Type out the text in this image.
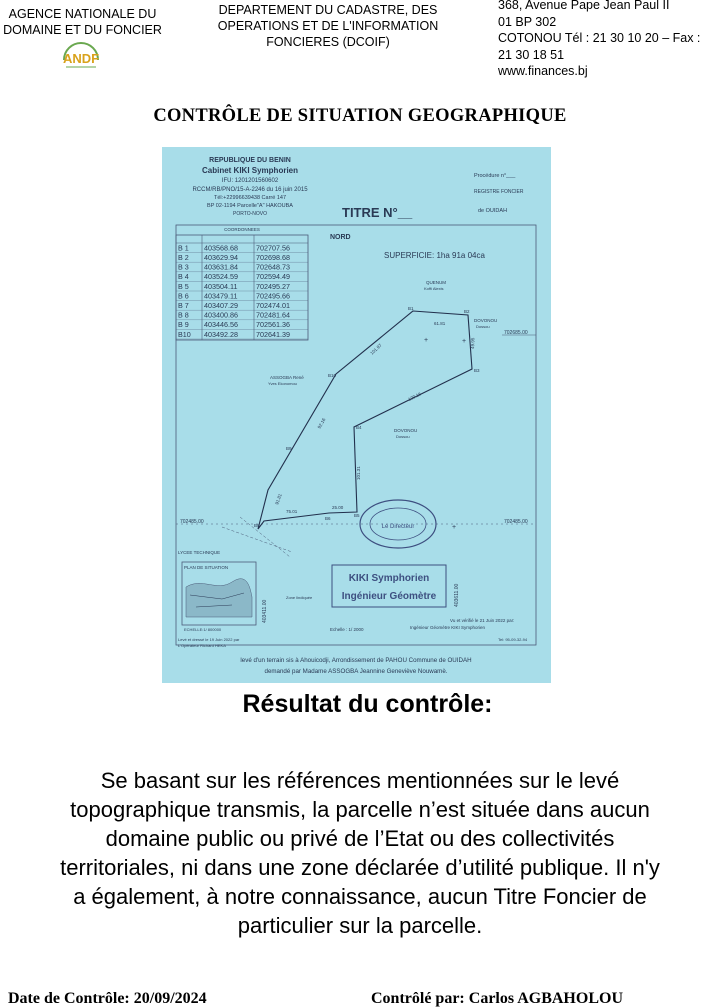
AGENCE NATIONALE DU
DOMAINE ET DU FONCIER
ANDF
DEPARTEMENT DU CADASTRE, DES
OPERATIONS ET DE L'INFORMATION
FONCIERES (DCOIF)
368, Avenue Pape Jean Paul II
01 BP 302
COTONOU Tél : 21 30 10 20 – Fax :
21 30 18 51
www.finances.bj
CONTRÔLE DE SITUATION GEOGRAPHIQUE
REPUBLIQUE DU BENIN
Cabinet KIKI Symphorien
IFU: 1201201560602
RCCM/RB/PNO/15-A-2246 du 16 juin 2015
Tél:+22996639438 Carré 147
BP 02-1194 Parcelle"A" HAKOUBA
PORTO-NOVO
Procédure n°___
REGISTRE FONCIER
TITRE N°__	de OUIDAH
COORDONNEES
B 1 403568.68	702707.56
B 2 403629.94	702698.68
B 3 403631.84	702648.73
B 4 403524.59	702594.49
B 5 403504.11	702495.27
B 6 403479.11	702495.66
B 7 403407.29	702474.01
B 8 403400.86	702481.64
B 9 403446.56	702561.36
B10 403492.28	702641.39
NORD
SUPERFICIE: 1ha 91a 04ca
702685.00
702485.00
702485.00
403411.00
403611.00
B1
B2
B3
B4
B5
B6
B9
B10
B8
61.81
49.95
120.18
101.31
25.00
75.01
91.81
92.16
101.97
QUENUM
Koffi Alexis
DOVONOU
Dossou
DOVONOU
Dossou
ASSOGBA René
Yves Ekonomou
LYCEE TECHNIQUE
+
+
+
Le Directeur
PLAN DE SITUATION
ECHELLE:1/ 800000
Zone lindiquée
KIKI Symphorien
Ingénieur Géomètre
Vu et vérifié le 21 Juin 2022 par:
Ingénieur Géomètre KIKI Symphorien
Echelle : 1/ 2000
Levé et dressé le 19 Juin 2022 par
L'Opérateur Richard HEKA
Tel: 95-09-32-94
levé d'un terrain sis à Ahouicodji, Arrondissement de PAHOU Commune de OUIDAH
demandé par Madame ASSOGBA Jeannine Geneviève Nouwamè.
Résultat du contrôle:
Se basant sur les références mentionnées sur le levé
topographique transmis, la parcelle n’est située dans aucun
domaine public ou privé de l’Etat ou des collectivités
territoriales, ni dans une zone déclarée d’utilité publique. Il n'y
a également, à notre connaissance, aucun Titre Foncier de
particulier sur la parcelle.
Date de Contrôle: 20/09/2024	Contrôlé par: Carlos AGBAHOLOU
